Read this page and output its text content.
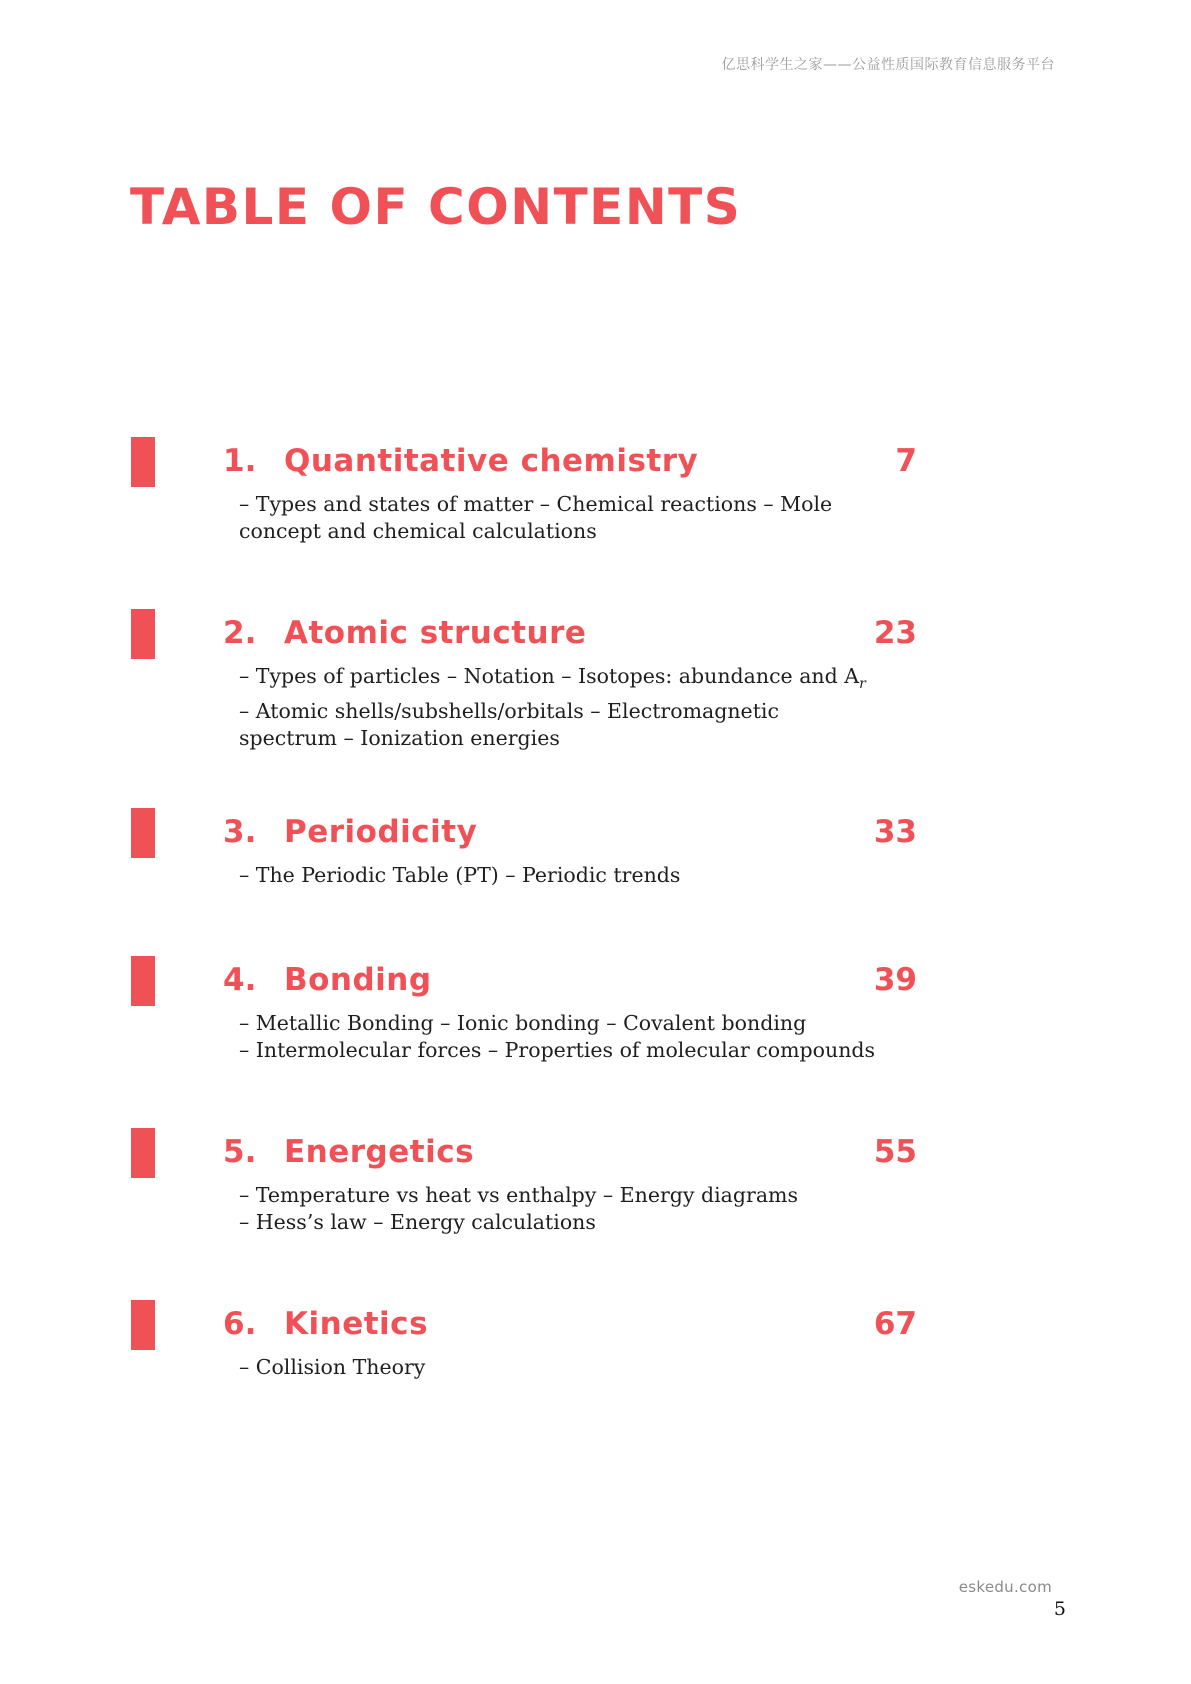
亿思科学生之家——公益性质国际教育信息服务平台
TABLE OF CONTENTS
1. Quantitative chemistry	7
– Types and states of matter – Chemical reactions – Mole
concept and chemical calculations
2. Atomic structure	23
– Types of particles – Notation – Isotopes: abundance and $A_r$
– Atomic shells/subshells/orbitals – Electromagnetic
spectrum – Ionization energies
3. Periodicity	33
– The Periodic Table (PT) – Periodic trends
4. Bonding	39
– Metallic Bonding – Ionic bonding – Covalent bonding
– Intermolecular forces – Properties of molecular compounds
5. Energetics	55
– Temperature vs heat vs enthalpy – Energy diagrams
– Hess’s law – Energy calculations
6. Kinetics	67
– Collision Theory
eskedu.com
5
